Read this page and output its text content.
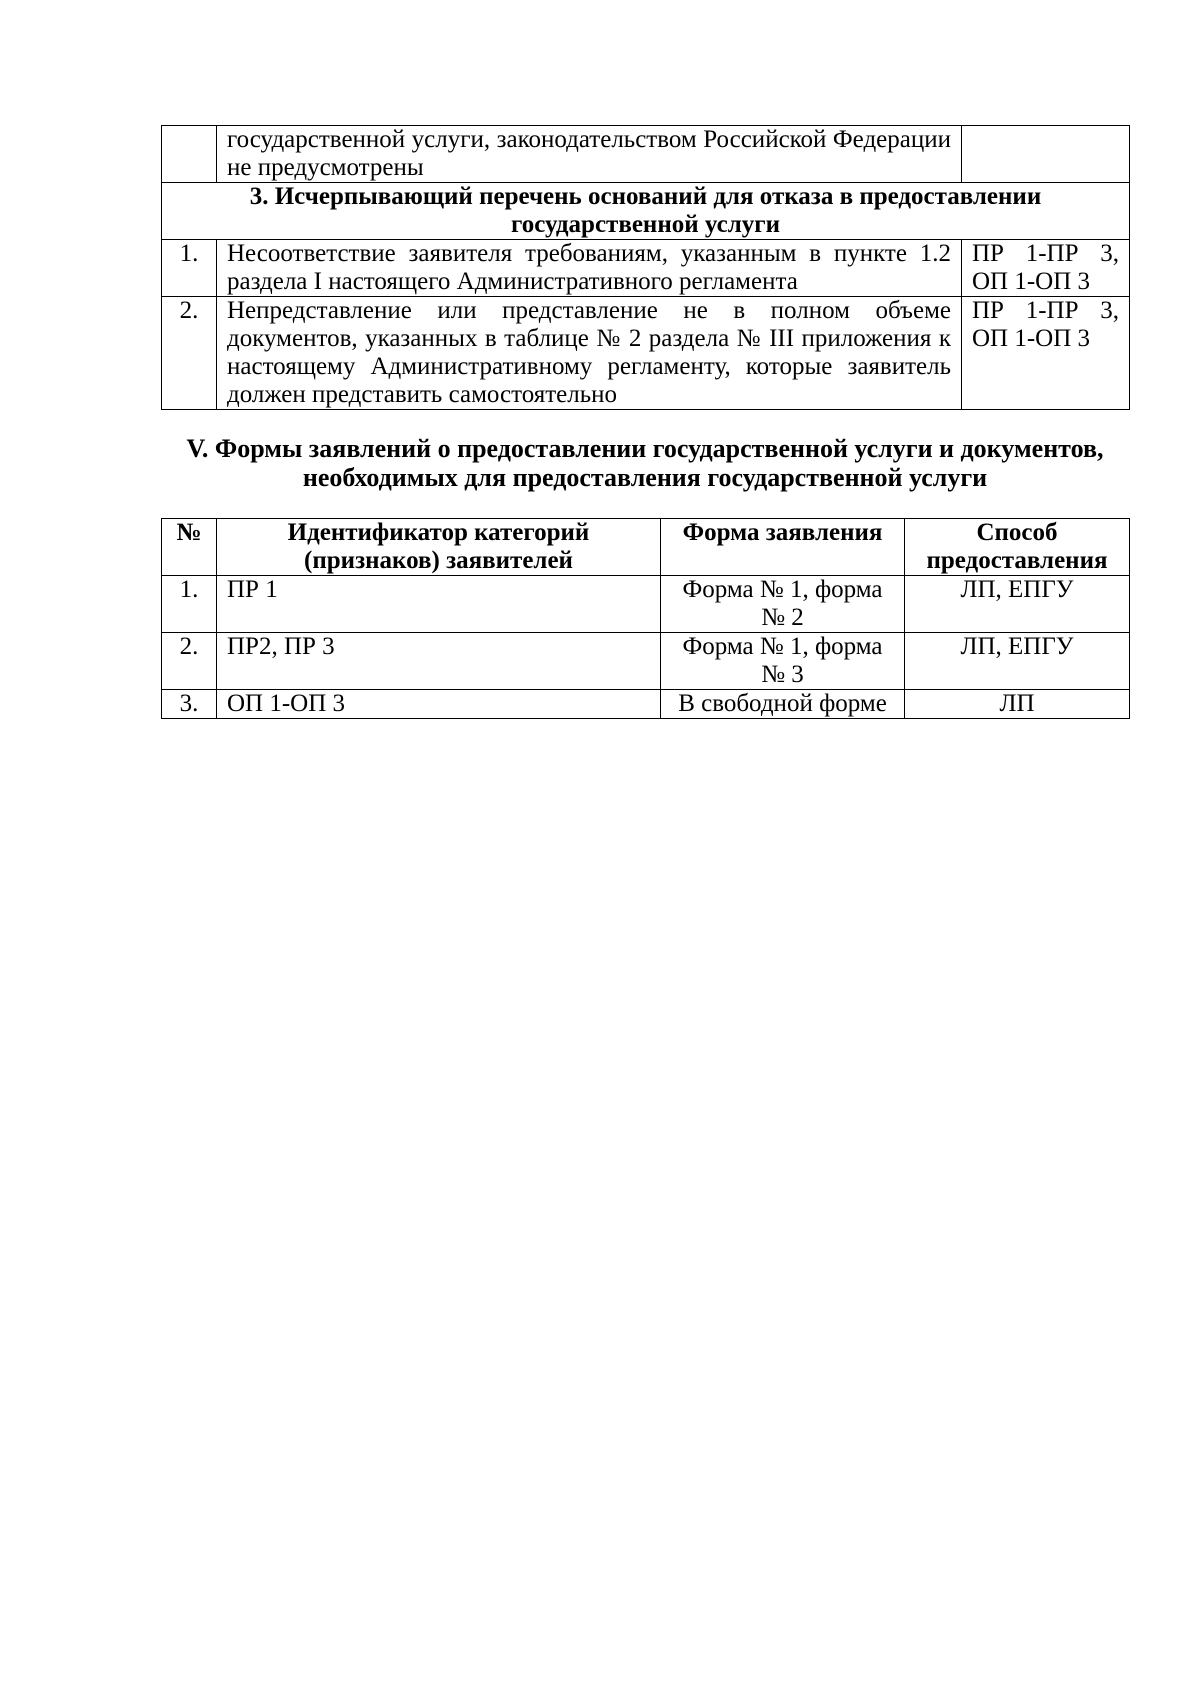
	государственной услуги, законодательством Российской Федерации не предусмотрены	
3. Исчерпывающий перечень оснований для отказа в предоставлении государственной услуги		
1.	Несоответствие заявителя требованиям, указанным в пункте 1.2 раздела I настоящего Административного регламента	ПР 1-ПР 3, ОП 1-ОП 3
2.	Непредставление или представление не в полном объеме документов, указанных в таблице № 2 раздела № III приложения к настоящему Административному регламенту, которые заявитель должен представить самостоятельно	ПР 1-ПР 3, ОП 1-ОП 3
V. Формы заявлений о предоставлении государственной услуги и документов, необходимых для предоставления государственной услуги
№	Идентификатор категорий (признаков) заявителей	Форма заявления	Способ предоставления
1.	ПР 1	Форма № 1, форма № 2	ЛП, ЕПГУ
2.	ПР2, ПР 3	Форма № 1, форма № 3	ЛП, ЕПГУ
3.	ОП 1-ОП 3	В свободной форме	ЛП
